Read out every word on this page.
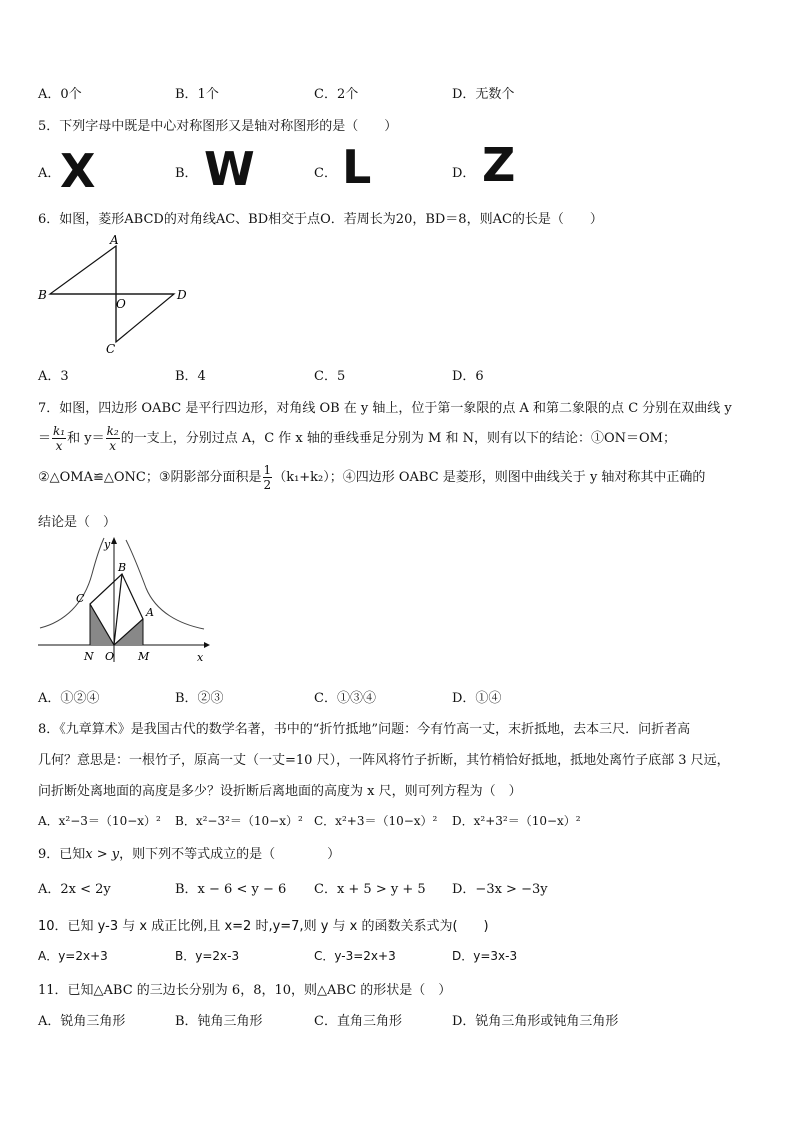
A．0个	B．1个	C．2个	D．无数个
5．下列字母中既是中心对称图形又是轴对称图形的是（　　）
A． X	B． W	C． L	D． Z
6．如图，菱形ABCD的对角线AC、BD相交于点O．若周长为20，BD＝8，则AC的长是（　　）
A
B	D
O
C
A．3	B．4	C．5	D．6
7．如图，四边形 OABC 是平行四边形，对角线 OB 在 y 轴上，位于第一象限的点 A 和第二象限的点 C 分别在双曲线 y
＝ $\frac{\text{k₁}}{x}$ 和 $y= \frac{\text{k₂}}{x}$ 的一支上，分别过点 A，C 作 x 轴的垂线垂足分别为 M 和 N，则有以下的结论：①ON＝OM；
②△OMA≌△ONC；③阴影部分面积是 $\frac{1}{2} (k_1+k_2)$；④四边形 OABC 是菱形，则图中曲线关于 y 轴对称其中正确的
结论是（　）
y
x
B
C
A
N O M
A．①②④	B．②③	C．①③④	D．①④
8．《九章算术》是我国古代的数学名著，书中的“折竹抵地”问题：今有竹高一丈，末折抵地，去本三尺．问折者高
几何？意思是：一根竹子，原高一丈（一丈=10 尺），一阵风将竹子折断，其竹梢恰好抵地，抵地处离竹子底部 3 尺远，
问折断处离地面的高度是多少？设折断后离地面的高度为 x 尺，则可列方程为（　）
A．x²−3＝（10−x）² B．x²−3²＝（10−x）² C．x²+3＝（10−x）² D．x²+3²＝（10−x）²
9．已知x > y，则下列不等式成立的是（　　　　）
A．2x < 2y	B．x − 6 < y − 6 C．x + 5 > y + 5 D．−3x > −3y
10．已知 y-3 与 x 成正比例,且 x=2 时,y=7,则 y 与 x 的函数关系式为(　　)
A．y=2x+3	B．y=2x-3	C．y-3=2x+3	D．y=3x-3
11．已知△ABC 的三边长分别为 6，8，10，则△ABC 的形状是（　）
A．锐角三角形	B．钝角三角形	C．直角三角形	D．锐角三角形或钝角三角形
